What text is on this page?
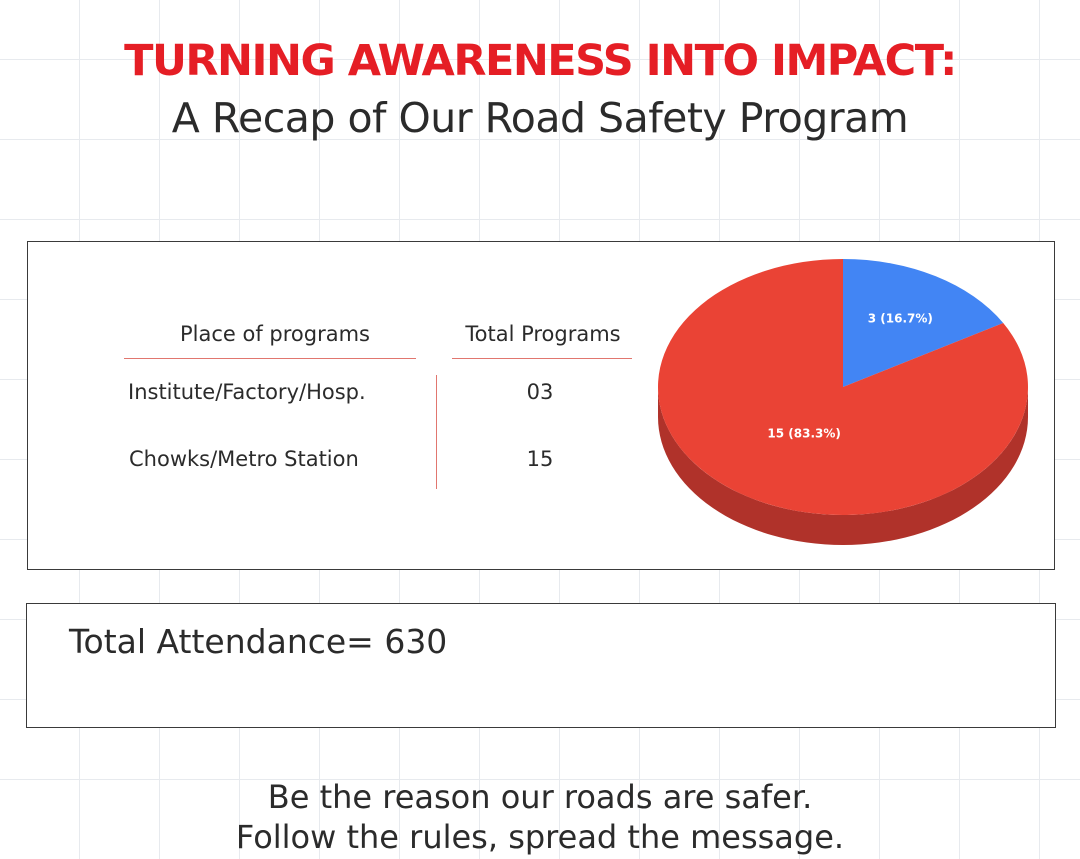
TURNING AWARENESS INTO IMPACT:
A Recap of Our Road Safety Program
Place of programs	Total Programs
Institute/Factory/Hosp.	03
Chowks/Metro Station	15
3 (16.7%)
15 (83.3%)
Total Attendance= 630
Be the reason our roads are safer.
Follow the rules, spread the message.
